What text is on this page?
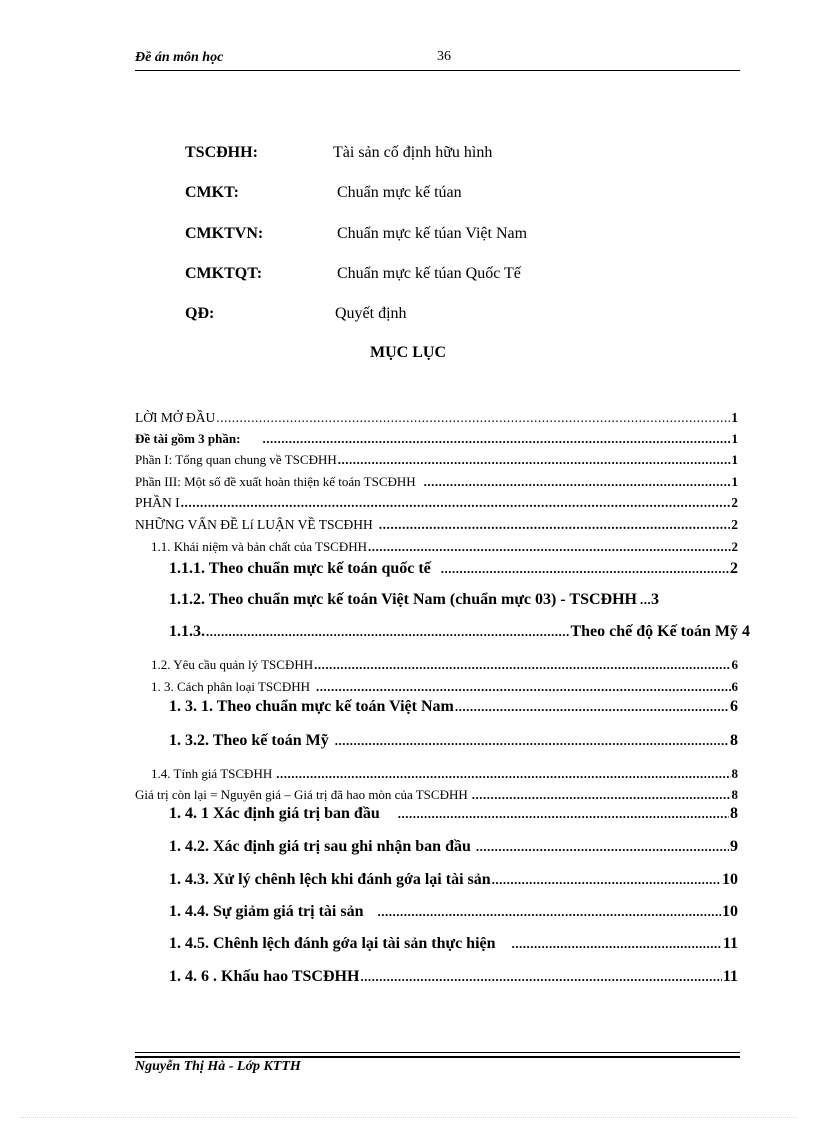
Đề án môn học	36
TSCĐHH:	Tài sản cố định hữu hình
CMKT:	Chuẩn mực kế túan
CMKTVN:	Chuẩn mực kế túan Việt Nam
CMKTQT:	Chuẩn mực kế túan Quốc Tế
QĐ:	Quyết định
MỤC LỤC
LỜI MỞ ĐẦU .....	1
Đề tài gồm 3 phần: .....	1
Phần I: Tổng quan chung về TSCĐHH .....	1
Phần III: Một số đề xuất hoàn thiện kế toán TSCĐHH .....	1
PHẦN I .....	2
NHỮNG VẤN ĐỀ Lí LUẬN VỀ TSCĐHH .....	2
1.1. Khái niệm và bản chất của TSCĐHH .....	2
1.1.1. Theo chuẩn mực kế toán quốc tế .....	2
1.1.2. Theo chuẩn mực kế toán Việt Nam (chuẩn mực 03) - TSCĐHH ..... 3
1.1.3. .....	Theo chế độ Kế toán Mỹ 4
1.2. Yêu cầu quản lý TSCĐHH .....	6
1. 3. Cách phân loại TSCĐHH .....	6
1. 3. 1. Theo chuẩn mực kế toán Việt Nam .....	6
1. 3.2. Theo kế toán Mỹ .....	8
1.4. Tính giá TSCĐHH .....	8
Giá trị còn lại = Nguyên giá – Giá trị đã hao mòn của TSCĐHH .....	8
1. 4. 1 Xác định giá trị ban đầu .....	8
1. 4.2. Xác định giá trị sau ghi nhận ban đầu .....	9
1. 4.3. Xử lý chênh lệch khi đánh gớa lại tài sản .....	10
1. 4.4. Sự giảm giá trị tài sản .....	10
1. 4.5. Chênh lệch đánh gớa lại tài sản thực hiện .....	11
1. 4. 6 . Khấu hao TSCĐHH .....	11
Nguyễn Thị Hà - Lớp KTTH
